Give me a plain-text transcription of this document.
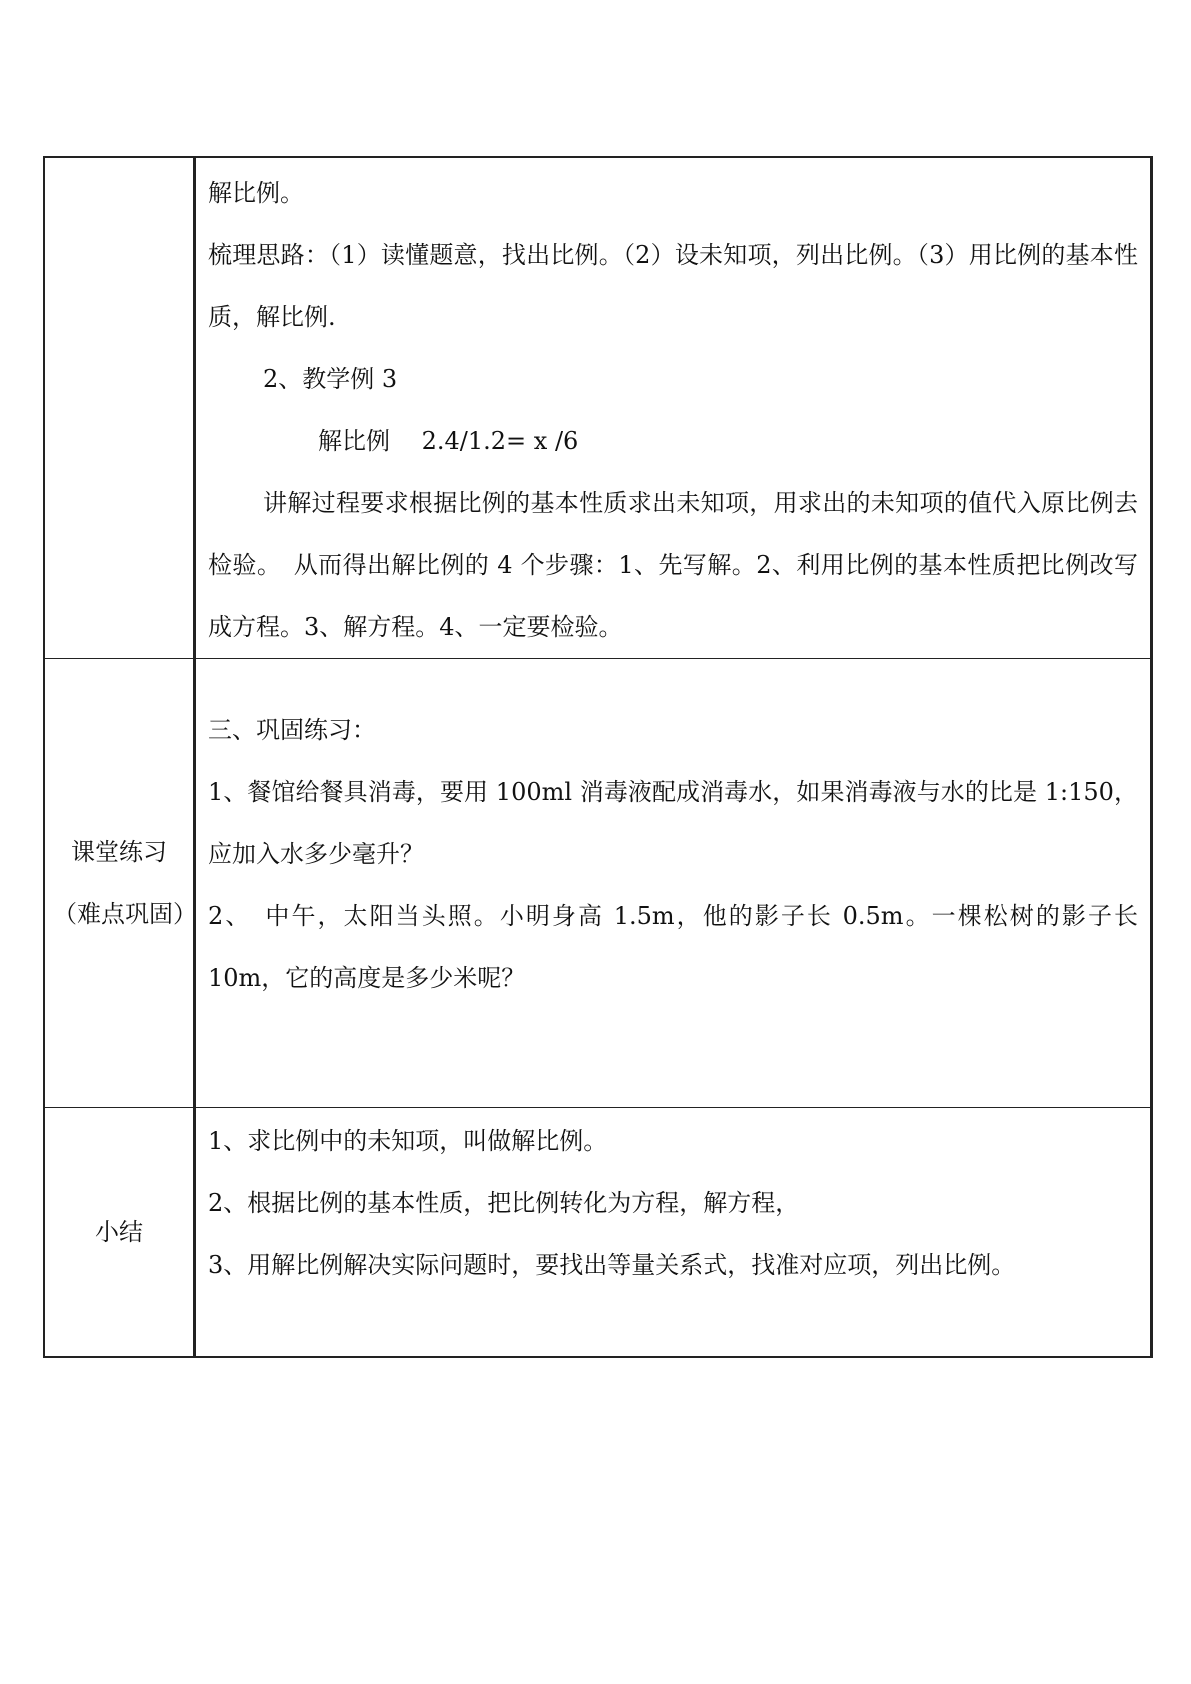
	解比例。

梳理思路：（1）读懂题意，找出比例。（2）设未知项，列出比例。（3）用比例的基本性质，解比例.

2、教学例 3

解比例　 2.4/1.2= x /6

讲解过程要求根据比例的基本性质求出未知项，用求出的未知项的值代入原比例去检验。　从而得出解比例的 4 个步骤：1、先写解。2、利用比例的基本性质把比例改写成方程。3、解方程。4、一定要检验。

课堂练习（难点巩固）	三、巩固练习：

1、餐馆给餐具消毒，要用 100ml 消毒液配成消毒水，如果消毒液与水的比是 1:150，应加入水多少毫升？

2、　中午，太阳当头照。小明身高 1.5m，他的影子长 0.5m。一棵松树的影子长 10m，它的高度是多少米呢？

小结	1、求比例中的未知项，叫做解比例。

2、根据比例的基本性质，把比例转化为方程，解方程，

3、用解比例解决实际问题时，要找出等量关系式，找准对应项，列出比例。
